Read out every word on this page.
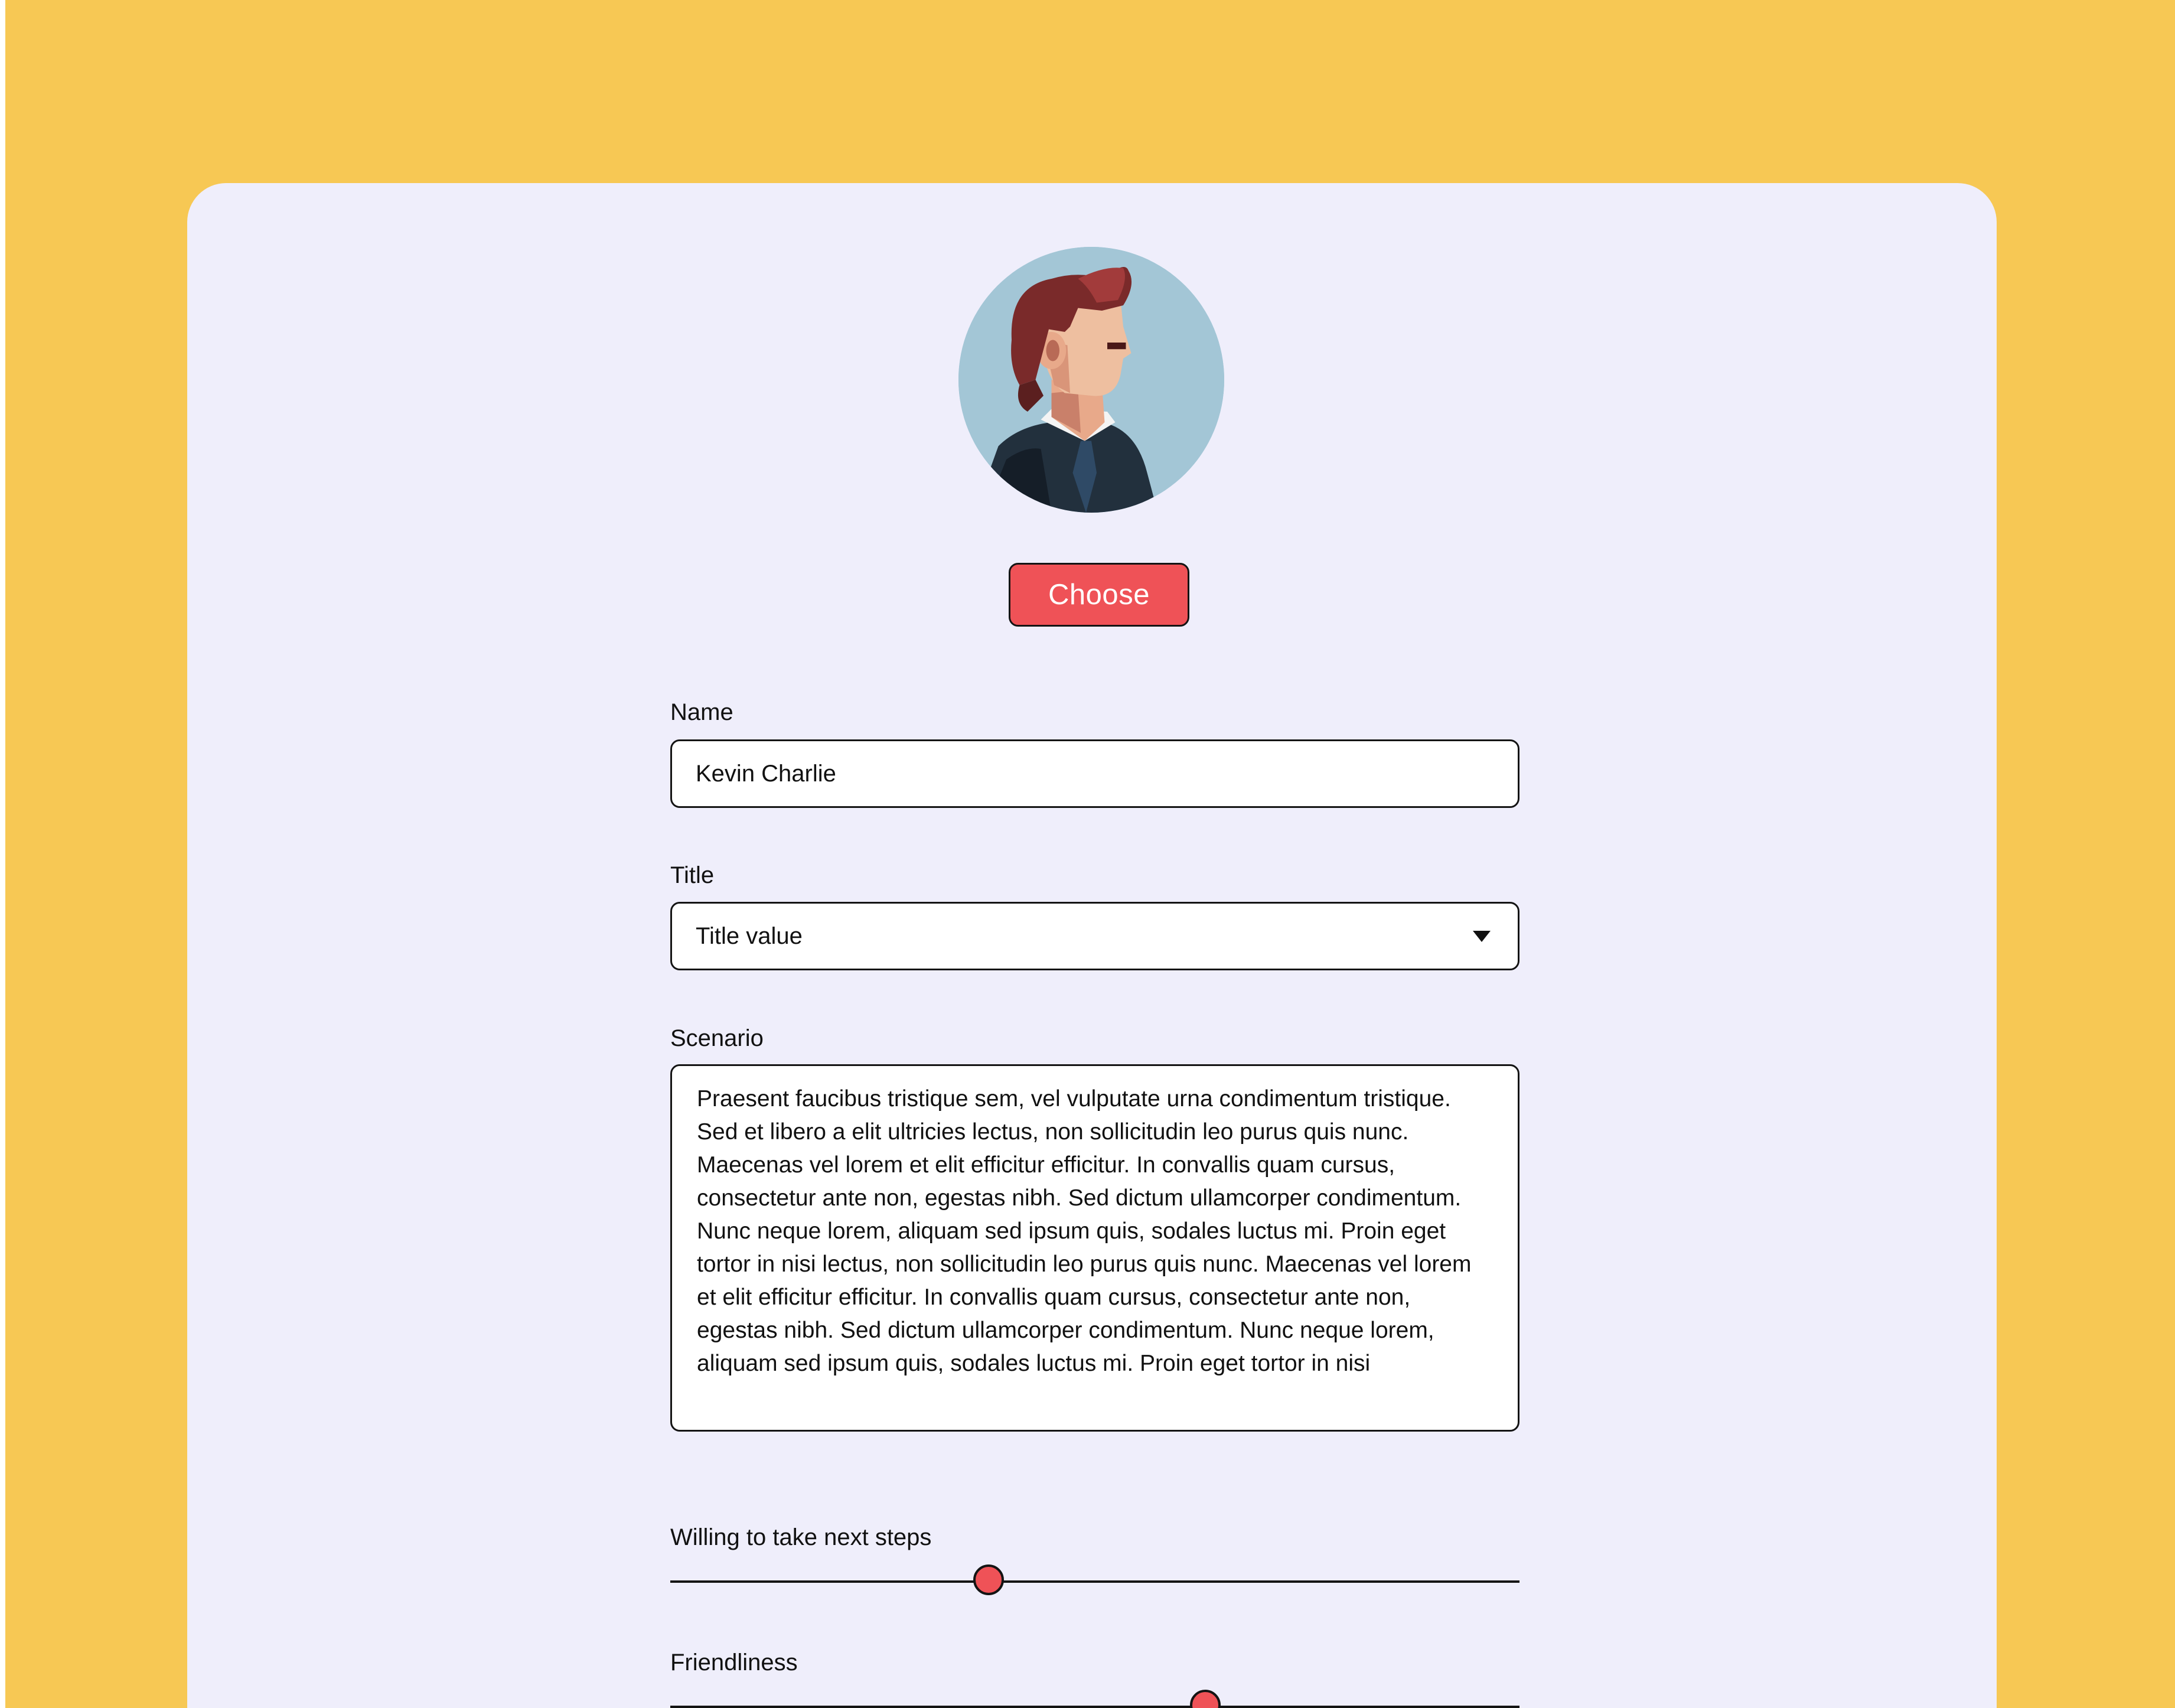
Choose
Name
Kevin Charlie
Title
Title value
Scenario
Praesent faucibus tristique sem, vel vulputate urna condimentum tristique. Sed et libero a elit ultricies lectus, non sollicitudin leo purus quis nunc. Maecenas vel lorem et elit efficitur efficitur. In convallis quam cursus, consectetur ante non, egestas nibh. Sed dictum ullamcorper condimentum. Nunc neque lorem, aliquam sed ipsum quis, sodales luctus mi. Proin eget tortor in nisi lectus, non sollicitudin leo purus quis nunc. Maecenas vel lorem et elit efficitur efficitur. In convallis quam cursus, consectetur ante non, egestas nibh. Sed dictum ullamcorper condimentum. Nunc neque lorem, aliquam sed ipsum quis, sodales luctus mi. Proin eget tortor in nisi
Willing to take next steps
Friendliness
